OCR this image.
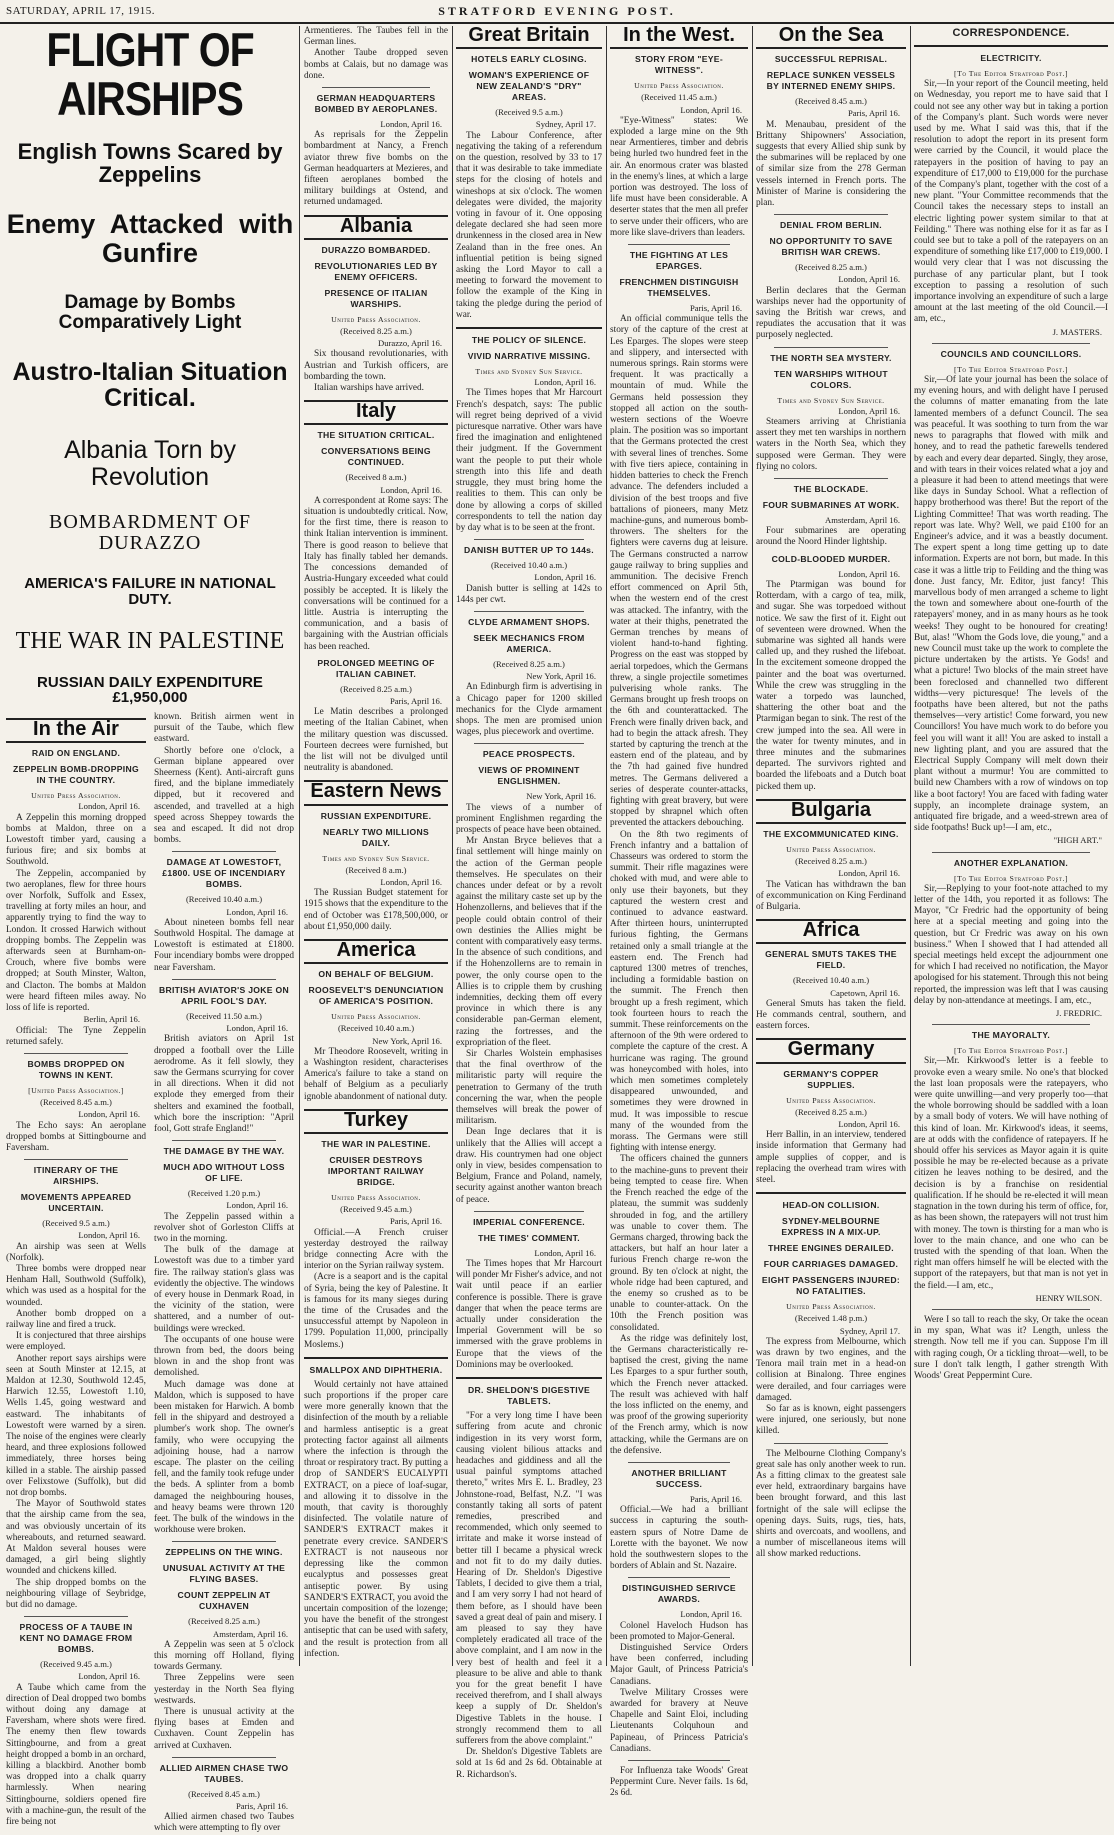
SATURDAY, APRIL 17, 1915.	STRATFORD EVENING POST.
FLIGHT OF AIRSHIPS
English Towns Scared by Zeppelins
Enemy Attacked with Gunfire
Damage by Bombs Comparatively Light
Austro-Italian Situation Critical.
Albania Torn by Revolution
BOMBARDMENT OF DURAZZO
AMERICA'S FAILURE IN NATIONAL DUTY.
THE WAR IN PALESTINE
RUSSIAN DAILY EXPENDITURE £1,950,000
In the Air
RAID ON ENGLAND.
ZEPPELIN BOMB-DROPPING IN THE COUNTRY.
United Press Association.
London, April 16.

A Zeppelin this morning dropped bombs at Maldon, three on a Lowestoft timber yard, causing a furious fire; and six bombs at Southwold.

The Zeppelin, accompanied by two aeroplanes, flew for three hours over Norfolk, Suffolk and Essex, travelling at forty miles an hour, and apparently trying to find the way to London. It crossed Harwich without dropping bombs. The Zeppelin was afterwards seen at Burnham-on-Crouch, where five bombs were dropped; at South Minster, Walton, and Clacton. The bombs at Maldon were heard fifteen miles away. No loss of life is reported.

Berlin, April 16.

Official: The Tyne Zeppelin returned safely.

BOMBS DROPPED ON TOWNS IN KENT.
[United Press Association.]
(Received 8.45 a.m.)
London, April 16.

The Echo says: An aeroplane dropped bombs at Sittingbourne and Faversham.

ITINERARY OF THE AIRSHIPS.
MOVEMENTS APPEARED UNCERTAIN.
(Received 9.5 a.m.)
London, April 16.

An airship was seen at Wells (Norfolk).

Three bombs were dropped near Henham Hall, Southwold (Suffolk), which was used as a hospital for the wounded.

Another bomb dropped on a railway line and fired a truck.

It is conjectured that three airships were employed.

Another report says airships were seen at South Minster at 12.15, at Maldon at 12.30, Southwold 12.45, Harwich 12.55, Lowestoft 1.10, Wells 1.45, going westward and eastward. The inhabitants of Lowestoft were warned by a siren. The noise of the engines were clearly heard, and three explosions followed immediately, three horses being killed in a stable. The airship passed over Felixstowe (Suffolk), but did not drop bombs.

The Mayor of Southwold states that the airship came from the sea, and was obviously uncertain of its whereabouts, and returned seaward. At Maldon several houses were damaged, a girl being slightly wounded and chickens killed.

The ship dropped bombs on the neighbouring village of Seybridge, but did no damage.

PROCESS OF A TAUBE IN KENT NO DAMAGE FROM BOMBS.
(Received 9.45 a.m.)
London, April 16.

A Taube which came from the direction of Deal dropped two bombs without doing any damage at Faversham, where shots were fired. The enemy then flew towards Sittingbourne, and from a great height dropped a bomb in an orchard, killing a blackbird. Another bomb was dropped into a chalk quarry harmlessly. When nearing Sittingbourne, soldiers opened fire with a machine-gun, the result of the fire being not

known. British airmen went in pursuit of the Taube, which flew eastward.

Shortly before one o'clock, a German biplane appeared over Sheerness (Kent). Anti-aircraft guns fired, and the biplane immediately dipped, but it recovered and ascended, and travelled at a high speed across Sheppey towards the sea and escaped. It did not drop bombs.

DAMAGE AT LOWESTOFT, £1800. USE OF INCENDIARY BOMBS.
(Received 10.40 a.m.)
London, April 16.

About nineteen bombs fell near Southwold Hospital. The damage at Lowestoft is estimated at £1800. Four incendiary bombs were dropped near Faversham.

BRITISH AVIATOR'S JOKE ON APRIL FOOL'S DAY.
(Received 11.50 a.m.)
London, April 16.

British aviators on April 1st dropped a football over the Lille aerodrome. As it fell slowly, they saw the Germans scurrying for cover in all directions. When it did not explode they emerged from their shelters and examined the football, which bore the inscription: "April fool, Gott strafe England!"

THE DAMAGE BY THE WAY.
MUCH ADO WITHOUT LOSS OF LIFE.
(Received 1.20 p.m.)
London, April 16.

The Zeppelin passed within a revolver shot of Gorleston Cliffs at two in the morning.

The bulk of the damage at Lowestoft was due to a timber yard fire. The railway station's glass was evidently the objective. The windows of every house in Denmark Road, in the vicinity of the station, were shattered, and a number of out-buildings were wrecked.

The occupants of one house were thrown from bed, the doors being blown in and the shop front was demolished.

Much damage was done at Maldon, which is supposed to have been mistaken for Harwich. A bomb fell in the shipyard and destroyed a plumber's work shop. The owner's family, who were occupying the adjoining house, had a narrow escape. The plaster on the ceiling fell, and the family took refuge under the beds. A splinter from a bomb damaged the neighbouring houses, and heavy beams were thrown 120 feet. The bulk of the windows in the workhouse were broken.

ZEPPELINS ON THE WING.
UNUSUAL ACTIVITY AT THE FLYING BASES.
COUNT ZEPPELIN AT CUXHAVEN
(Received 8.25 a.m.)
Amsterdam, April 16.

A Zeppelin was seen at 5 o'clock this morning off Holland, flying towards Germany.

Three Zeppelins were seen yesterday in the North Sea flying westwards.

There is unusual activity at the flying bases at Emden and Cuxhaven. Count Zeppelin has arrived at Cuxhaven.

ALLIED AIRMEN CHASE TWO TAUBES.
(Received 8.45 a.m.)
Paris, April 16.

Allied airmen chased two Taubes which were attempting to fly over

Armentieres. The Taubes fell in the German lines.

Another Taube dropped seven bombs at Calais, but no damage was done.

GERMAN HEADQUARTERS BOMBED BY AEROPLANES.
London, April 16.

As reprisals for the Zeppelin bombardment at Nancy, a French aviator threw five bombs on the German headquarters at Mezieres, and fifteen aeroplanes bombed the military buildings at Ostend, and returned undamaged.

Albania
DURAZZO BOMBARDED.
REVOLUTIONARIES LED BY ENEMY OFFICERS.
PRESENCE OF ITALIAN WARSHIPS.
United Press Association.
(Received 8.25 a.m.)
Durazzo, April 16.

Six thousand revolutionaries, with Austrian and Turkish officers, are bombarding the town.

Italian warships have arrived.

Italy
THE SITUATION CRITICAL.
CONVERSATIONS BEING CONTINUED.
(Received 8 a.m.)
London, April 16.

A correspondent at Rome says: The situation is undoubtedly critical. Now, for the first time, there is reason to think Italian intervention is imminent. There is good reason to believe that Italy has finally tabled her demands. The concessions demanded of Austria-Hungary exceeded what could possibly be accepted. It is likely the conversations will be continued for a little. Austria is interrupting the communication, and a basis of bargaining with the Austrian officials has been reached.

PROLONGED MEETING OF ITALIAN CABINET.
(Received 8.25 a.m.)
Paris, April 16.

Le Matin describes a prolonged meeting of the Italian Cabinet, when the military question was discussed. Fourteen decrees were furnished, but the list will not be divulged until neutrality is abandoned.

Eastern News
RUSSIAN EXPENDITURE.
NEARLY TWO MILLIONS DAILY.
Times and Sydney Sun Service.
(Received 8 a.m.)
London, April 16.

The Russian Budget statement for 1915 shows that the expenditure to the end of October was £178,500,000, or about £1,950,000 daily.

America
ON BEHALF OF BELGIUM.
ROOSEVELT'S DENUNCIATION OF AMERICA'S POSITION.
United Press Association.
(Received 10.40 a.m.)
New York, April 16.

Mr Theodore Roosevelt, writing in a Washington resident, characterises America's failure to take a stand on behalf of Belgium as a peculiarly ignoble abandonment of national duty.

Turkey
THE WAR IN PALESTINE.
CRUISER DESTROYS IMPORTANT RAILWAY BRIDGE.
United Press Association.
(Received 9.45 a.m.)
Paris, April 16.

Official.—A French cruiser yesterday destroyed the railway bridge connecting Acre with the interior on the Syrian railway system.

(Acre is a seaport and is the capital of Syria, being the key of Palestine. It is famous for its many sieges during the time of the Crusades and the unsuccessful attempt by Napoleon in 1799. Population 11,000, principally Moslems.)

SMALLPOX AND DIPHTHERIA.

Would certainly not have attained such proportions if the proper care were more generally known that the disinfection of the mouth by a reliable and harmless antiseptic is a great protecting factor against all ailments where the infection is through the throat or respiratory tract. By putting a drop of SANDER'S EUCALYPTI EXTRACT, on a piece of loaf-sugar, and allowing it to dissolve in the mouth, that cavity is thoroughly disinfected. The volatile nature of SANDER'S EXTRACT makes it penetrate every crevice. SANDER'S EXTRACT is not nauseous nor depressing like the common eucalyptus and possesses great antiseptic power. By using SANDER'S EXTRACT, you avoid the uncertain composition of the lozenge; you have the benefit of the strongest antiseptic that can be used with safety, and the result is protection from all infection.

Great Britain
HOTELS EARLY CLOSING.
WOMAN'S EXPERIENCE OF NEW ZEALAND'S "DRY" AREAS.
(Received 9.5 a.m.)
Sydney, April 17.

The Labour Conference, after negativing the taking of a referendum on the question, resolved by 33 to 17 that it was desirable to take immediate steps for the closing of hotels and wineshops at six o'clock. The women delegates were divided, the majority voting in favour of it. One opposing delegate declared she had seen more drunkenness in the closed area in New Zealand than in the free ones. An influential petition is being signed asking the Lord Mayor to call a meeting to forward the movement to follow the example of the King in taking the pledge during the period of war.

THE POLICY OF SILENCE.
VIVID NARRATIVE MISSING.
Times and Sydney Sun Service.
London, April 16.

The Times hopes that Mr Harcourt French's despatch, says: The public will regret being deprived of a vivid picturesque narrative. Other wars have fired the imagination and enlightened their judgment. If the Government want the people to put their whole strength into this life and death struggle, they must bring home the realities to them. This can only be done by allowing a corps of skilled correspondents to tell the nation day by day what is to be seen at the front.

DANISH BUTTER UP TO 144s.
(Received 10.40 a.m.)
London, April 16.

Danish butter is selling at 142s to 144s per cwt.

CLYDE ARMAMENT SHOPS.
SEEK MECHANICS FROM AMERICA.
(Received 8.25 a.m.)
New York, April 16.

An Edinburgh firm is advertising in a Chicago paper for 1200 skilled mechanics for the Clyde armament shops. The men are promised union wages, plus piecework and overtime.

PEACE PROSPECTS.
VIEWS OF PROMINENT ENGLISHMEN.
New York, April 16.

The views of a number of prominent Englishmen regarding the prospects of peace have been obtained.

Mr Anstan Bryce believes that a final settlement will hinge mainly on the action of the German people themselves. He speculates on their chances under defeat or by a revolt against the military caste set up by the Hohenzollerns, and believes that if the people could obtain control of their own destinies the Allies might be content with comparatively easy terms. In the absence of such conditions, and if the Hohenzollerns are to remain in power, the only course open to the Allies is to cripple them by crushing indemnities, decking them off every province in which there is any considerable pan-German element, razing the fortresses, and the expropriation of the fleet.

Sir Charles Wolstein emphasises that the final overthrow of the militaristic party will require the penetration to Germany of the truth concerning the war, when the people themselves will break the power of militarism.

Dean Inge declares that it is unlikely that the Allies will accept a draw. His countrymen had one object only in view, besides compensation to Belgium, France and Poland, namely, security against another wanton breach of peace.

IMPERIAL CONFERENCE.
THE TIMES' COMMENT.
London, April 16.

The Times hopes that Mr Harcourt will ponder Mr Fisher's advice, and not wait until peace if an earlier conference is possible. There is grave danger that when the peace terms are actually under consideration the Imperial Government will be so immersed with the grave problems in Europe that the views of the Dominions may be overlooked.

DR. SHELDON'S DIGESTIVE TABLETS.

"For a very long time I have been suffering from acute and chronic indigestion in its very worst form, causing violent bilious attacks and headaches and giddiness and all the usual painful symptoms attached thereto," writes Mrs E. L. Bradley, 23 Johnstone-road, Belfast, N.Z. "I was constantly taking all sorts of patent remedies, prescribed and recommended, which only seemed to irritate and make it worse instead of better till I became a physical wreck and not fit to do my daily duties. Hearing of Dr. Sheldon's Digestive Tablets, I decided to give them a trial, and I am very sorry I had not heard of them before, as I should have been saved a great deal of pain and misery. I am pleased to say they have completely eradicated all trace of the above complaint, and I am now in the very best of health and feel it a pleasure to be alive and able to thank you for the great benefit I have received therefrom, and I shall always keep a supply of Dr. Sheldon's Digestive Tablets in the house. I strongly recommend them to all sufferers from the above complaint."

Dr. Sheldon's Digestive Tablets are sold at 1s 6d and 2s 6d. Obtainable at R. Richardson's.

In the West.
STORY FROM "EYE-WITNESS".
United Press Association.
(Received 11.45 a.m.)
London, April 16.

"Eye-Witness" states: We exploded a large mine on the 9th near Armentieres, timber and debris being hurled two hundred feet in the air. An enormous crater was blasted in the enemy's lines, at which a large portion was destroyed. The loss of life must have been considerable. A deserter states that the men all prefer to serve under their officers, who are more like slave-drivers than leaders.

THE FIGHTING AT LES EPARGES.
FRENCHMEN DISTINGUISH THEMSELVES.
Paris, April 16.

An official communique tells the story of the capture of the crest at Les Eparges. The slopes were steep and slippery, and intersected with numerous springs. Rain storms were frequent. It was practically a mountain of mud. While the Germans held possession they stopped all action on the south-western sections of the Woevre plain. The position was so important that the Germans protected the crest with several lines of trenches. Some with five tiers apiece, containing in hidden batteries to check the French advance. The defenders included a division of the best troops and five battalions of pioneers, many Metz machine-guns, and numerous bomb-throwers. The shelters for the fighters were caverns dug at leisure. The Germans constructed a narrow gauge railway to bring supplies and ammunition. The decisive French effort commenced on April 5th, when the western end of the crest was attacked. The infantry, with the water at their thighs, penetrated the German trenches by means of violent hand-to-hand fighting. Progress on the east was stopped by aerial torpedoes, which the Germans threw, a single projectile sometimes pulverising whole ranks. The Germans brought up fresh troops on the 6th and counterattacked. The French were finally driven back, and had to begin the attack afresh. They started by capturing the trench at the eastern end of the plateau, and by the 7th had gained five hundred metres. The Germans delivered a series of desperate counter-attacks, fighting with great bravery, but were stopped by shrapnel which often prevented the attackers debouching.

On the 8th two regiments of French infantry and a battalion of Chasseurs was ordered to storm the summit. Their rifle magazines were choked with mud, and were able to only use their bayonets, but they captured the western crest and continued to advance eastward. After thirteen hours, uninterrupted furious fighting, the Germans retained only a small triangle at the eastern end. The French had captured 1300 metres of trenches, including a formidable bastion on the summit. The French then brought up a fresh regiment, which took fourteen hours to reach the summit. These reinforcements on the afternoon of the 9th were ordered to complete the capture of the crest. A hurricane was raging. The ground was honeycombed with holes, into which men sometimes completely disappeared unwounded, and sometimes they were drowned in mud. It was impossible to rescue many of the wounded from the morass. The Germans were still fighting with intense energy.

The officers chained the gunners to the machine-guns to prevent their being tempted to cease fire. When the French reached the edge of the plateau, the summit was suddenly shrouded in fog, and the artillery was unable to cover them. The Germans charged, throwing back the attackers, but half an hour later a furious French charge re-won the ground. By ten o'clock at night, the whole ridge had been captured, and the enemy so crushed as to be unable to counter-attack. On the 10th the French position was consolidated.

As the ridge was definitely lost, the Germans characteristically re-baptised the crest, giving the name Les Eparges to a spur further south, which the French never attacked. The result was achieved with half the loss inflicted on the enemy, and was proof of the growing superiority of the French army, which is now attacking, while the Germans are on the defensive.

ANOTHER BRILLIANT SUCCESS.
Paris, April 16.

Official.—We had a brilliant success in capturing the south-eastern spurs of Notre Dame de Lorette with the bayonet. We now hold the southwestern slopes to the borders of Ablain and St. Nazaire.

DISTINGUISHED SERIVCE AWARDS.
London, April 16.

Colonel Haveloch Hudson has been promoted to Major-General.

Distinguished Service Orders have been conferred, including Major Gault, of Princess Patricia's Canadians.

Twelve Military Crosses were awarded for bravery at Neuve Chapelle and Saint Eloi, including Lieutenants Colquhoun and Papineau, of Princess Patricia's Canadians.

For Influenza take Woods' Great Peppermint Cure. Never fails. 1s 6d, 2s 6d.

On the Sea
SUCCESSFUL REPRISAL.
REPLACE SUNKEN VESSELS BY INTERNED ENEMY SHIPS.
(Received 8.45 a.m.)
Paris, April 16.

M. Menaubau, president of the Brittany Shipowners' Association, suggests that every Allied ship sunk by the submarines will be replaced by one of similar size from the 278 German vessels interned in French ports. The Minister of Marine is considering the plan.

DENIAL FROM BERLIN.
NO OPPORTUNITY TO SAVE BRITISH WAR CREWS.
(Received 8.25 a.m.)
London, April 16.

Berlin declares that the German warships never had the opportunity of saving the British war crews, and repudiates the accusation that it was purposely neglected.

THE NORTH SEA MYSTERY.
TEN WARSHIPS WITHOUT COLORS.
Times and Sydney Sun Service.
London, April 16.

Steamers arriving at Christiania assert they met ten warships in northern waters in the North Sea, which they supposed were German. They were flying no colors.

THE BLOCKADE.
FOUR SUBMARINES AT WORK.
Amsterdam, April 16.

Four submarines are operating around the Noord Hinder lightship.

COLD-BLOODED MURDER.
London, April 16.

The Ptarmigan was bound for Rotterdam, with a cargo of tea, milk, and sugar. She was torpedoed without notice. We saw the first of it. Eight out of seventeen were drowned. When the submarine was sighted all hands were called up, and they rushed the lifeboat. In the excitement someone dropped the painter and the boat was overturned. While the crew was struggling in the water a torpedo was launched, shattering the other boat and the Ptarmigan began to sink. The rest of the crew jumped into the sea. All were in the water for twenty minutes, and in three minutes and the submarines departed. The survivors righted and boarded the lifeboats and a Dutch boat picked them up.

Bulgaria
THE EXCOMMUNICATED KING.
United Press Association.
(Received 8.25 a.m.)
London, April 16.

The Vatican has withdrawn the ban of excommunication on King Ferdinand of Bulgaria.

Africa
GENERAL SMUTS TAKES THE FIELD.
(Received 10.40 a.m.)
Capetown, April 16.

General Smuts has taken the field. He commands central, southern, and eastern forces.

Germany
GERMANY'S COPPER SUPPLIES.
United Press Association.
(Received 8.25 a.m.)
London, April 16.

Herr Ballin, in an interview, tendered inside information that Germany had ample supplies of copper, and is replacing the overhead tram wires with steel.

HEAD-ON COLLISION.
SYDNEY-MELBOURNE EXPRESS IN A MIX-UP.
THREE ENGINES DERAILED.
FOUR CARRIAGES DAMAGED.
EIGHT PASSENGERS INJURED: NO FATALITIES.
United Press Association.
(Received 1.48 p.m.)
Sydney, April 17.

The express from Melbourne, which was drawn by two engines, and the Tenora mail train met in a head-on collision at Binalong. Three engines were derailed, and four carriages were damaged.

So far as is known, eight passengers were injured, one seriously, but none killed.

The Melbourne Clothing Company's great sale has only another week to run. As a fitting climax to the greatest sale ever held, extraordinary bargains have been brought forward, and this last fortnight of the sale will eclipse the opening days. Suits, rugs, ties, hats, shirts and overcoats, and woollens, and a number of miscellaneous items will all show marked reductions.

CORRESPONDENCE.
ELECTRICITY.
[To The Editor Stratford Post.]

Sir,—In your report of the Council meeting, held on Wednesday, you report me to have said that I could not see any other way but in taking a portion of the Company's plant. Such words were never used by me. What I said was this, that if the resolution to adopt the report in its present form were carried by the Council, it would place the ratepayers in the position of having to pay an expenditure of £17,000 to £19,000 for the purchase of the Company's plant, together with the cost of a new plant. "Your Committee recommends that the Council takes the necessary steps to install an electric lighting power system similar to that at Feilding." There was nothing else for it as far as I could see but to take a poll of the ratepayers on an expenditure of something like £17,000 to £19,000. I would very clear that I was not discussing the purchase of any particular plant, but I took exception to passing a resolution of such importance involving an expenditure of such a large amount at the last meeting of the old Council.—I am, etc.,

J. MASTERS.
COUNCILS AND COUNCILLORS.
[To The Editor Stratford Post.]

Sir,—Of late your journal has been the solace of my evening hours, and with delight have I perused the columns of matter emanating from the late lamented members of a defunct Council. The sea was peaceful. It was soothing to turn from the war news to paragraphs that flowed with milk and honey, and to read the pathetic farewells tendered by each and every dear departed. Singly, they arose, and with tears in their voices related what a joy and a pleasure it had been to attend meetings that were like days in Sunday School. What a reflection of happy brotherhood was there! But the report of the Lighting Committee! That was worth reading. The report was late. Why? Well, we paid £100 for an Engineer's advice, and it was a beastly document. The expert spent a long time getting up to date information. Experts are not born, but made. In this case it was a little trip to Feilding and the thing was done. Just fancy, Mr. Editor, just fancy! This marvellous body of men arranged a scheme to light the town and somewhere about one-fourth of the ratepayers' money, and in as many hours as he took weeks! They ought to be honoured for creating! But, alas! "Whom the Gods love, die young," and a new Council must take up the work to complete the picture undertaken by the artists. Ye Gods! and what a picture! Two blocks of the main street have been foreclosed and channelled two different widths—very picturesque! The levels of the footpaths have been altered, but not the paths themselves—very artistic! Come forward, you new Councillors! You have much work to do before you feel you will want it all! You are asked to install a new lighting plant, and you are assured that the Electrical Supply Company will melt down their plant without a murmur! You are committed to build new Chambers with a row of windows on top like a boot factory! You are faced with fading water supply, an incomplete drainage system, an antiquated fire brigade, and a weed-strewn area of side footpaths! Buck up!—I am, etc.,

"HIGH ART."
ANOTHER EXPLANATION.
[To The Editor Stratford Post.]

Sir,—Replying to your foot-note attached to my letter of the 14th, you reported it as follows: The Mayor, "Cr Fredric had the opportunity of being here at a special meeting and going into the question, but Cr Fredric was away on his own business." When I showed that I had attended all special meetings held except the adjournment one for which I had received no notification, the Mayor apologised for his statement. Through this not being reported, the impression was left that I was causing delay by non-attendance at meetings. I am, etc.,

J. FREDRIC.
THE MAYORALTY.
[To The Editor Stratford Post.]

Sir,—Mr. Kirkwood's letter is a feeble to provoke even a weary smile. No one's that blocked the last loan proposals were the ratepayers, who were quite unwilling—and very properly too—that the whole borrowing should be saddled with a loan by a small body of voters. We will have nothing of this kind of loan. Mr. Kirkwood's ideas, it seems, are at odds with the confidence of ratepayers. If he should offer his services as Mayor again it is quite possible he may be re-elected because as a private citizen he leaves nothing to be desired, and the decision is by a franchise on residential qualification. If he should be re-elected it will mean stagnation in the town during his term of office, for, as has been shown, the ratepayers will not trust him with money. The town is thirsting for a man who is lover to the main chance, and one who can be trusted with the spending of that loan. When the right man offers himself he will be elected with the support of the ratepayers, but that man is not yet in the field.—I am, etc.,

HENRY WILSON.

Were I so tall to reach the sky, Or take the ocean in my span, What was it? Length, unless the strength. Now tell me if you can. Suppose I'm ill with raging cough, Or a tickling throat—well, to be sure I don't talk length, I gather strength With Woods' Great Peppermint Cure.
